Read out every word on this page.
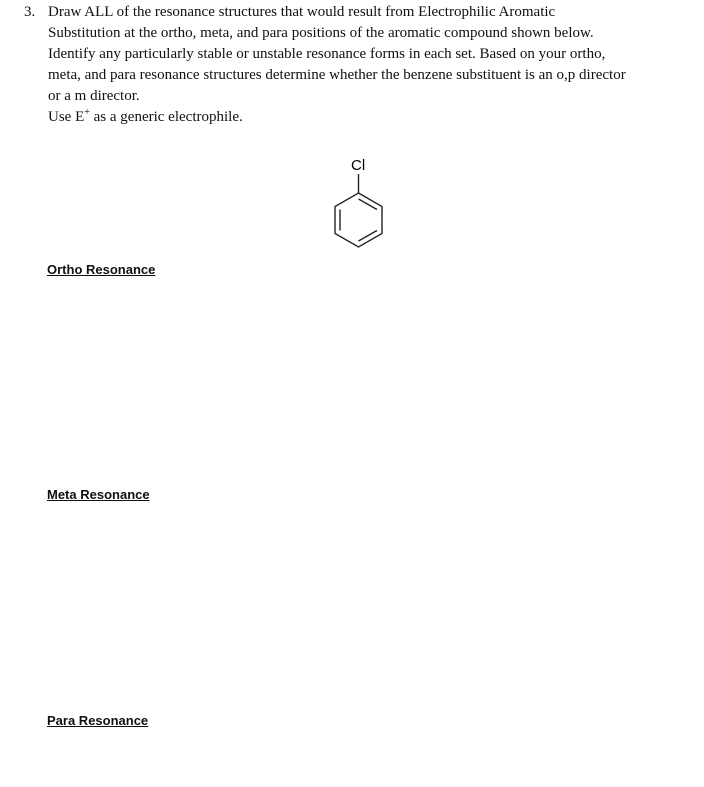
3. Draw ALL of the resonance structures that would result from Electrophilic Aromatic
Substitution at the ortho, meta, and para positions of the aromatic compound shown below.
Identify any particularly stable or unstable resonance forms in each set. Based on your ortho,
meta, and para resonance structures determine whether the benzene substituent is an o,p director
or a m director.
Use E+ as a generic electrophile.
Cl
Ortho Resonance
Meta Resonance
Para Resonance
